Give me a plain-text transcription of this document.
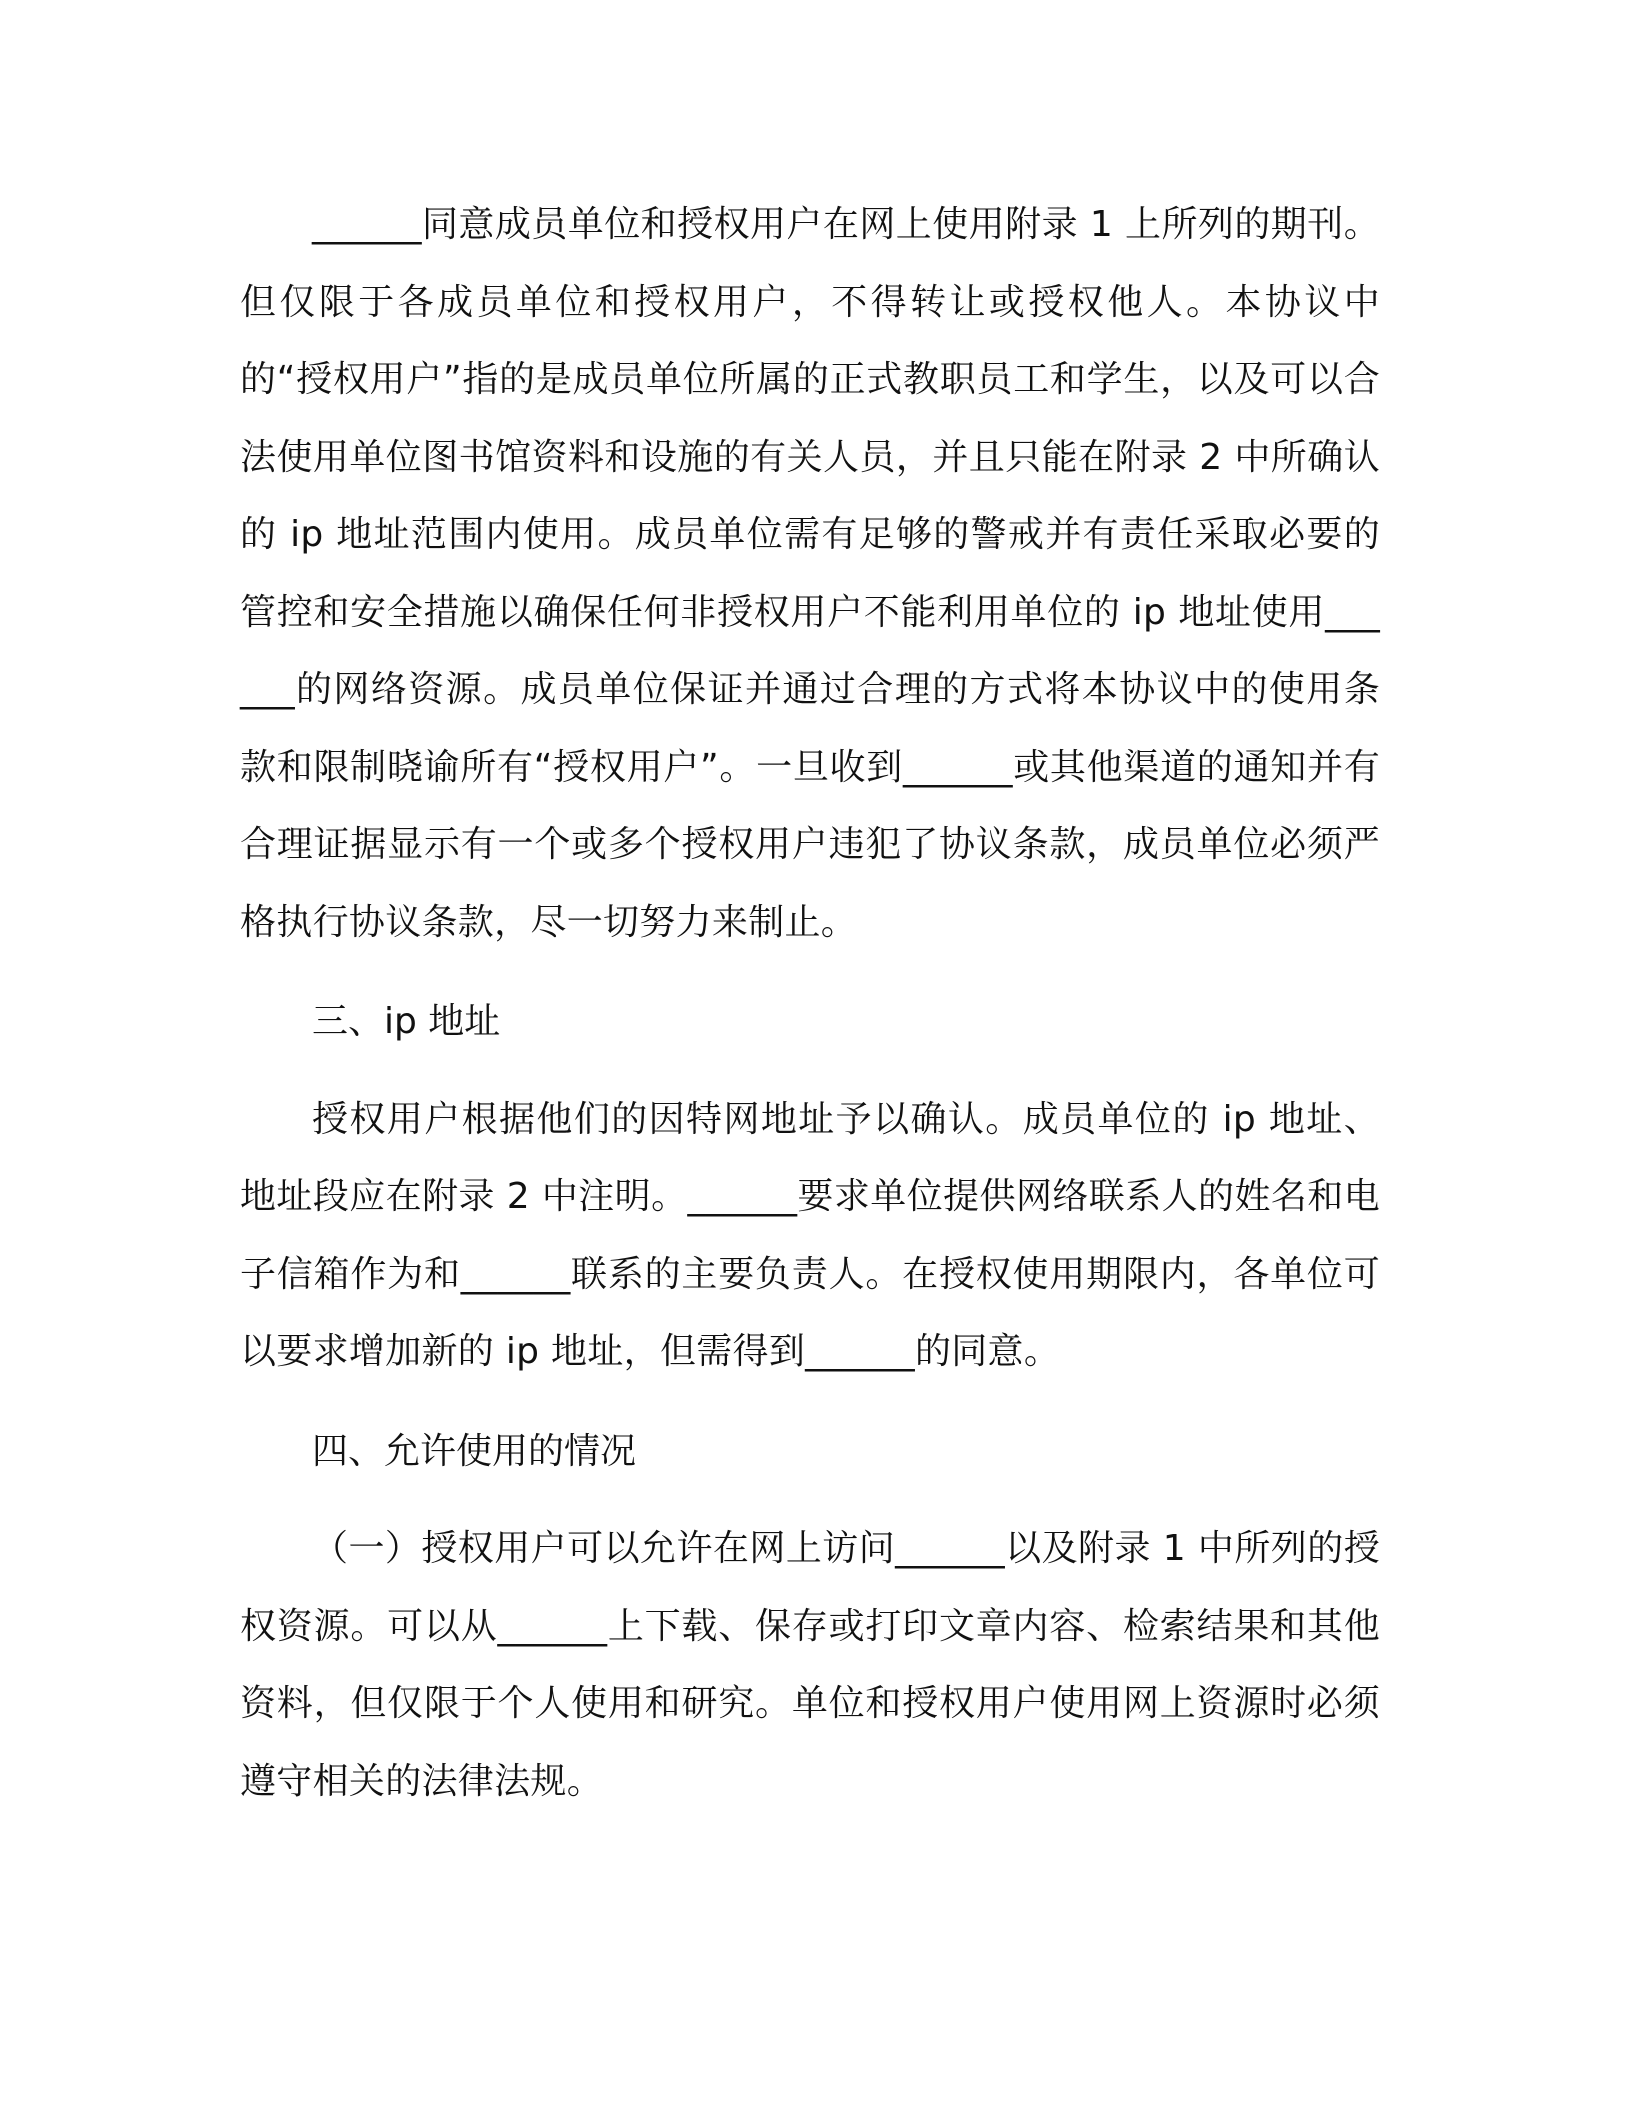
______同意成员单位和授权用户在网上使用附录 1 上所列的期刊。但仅限于各成员单位和授权用户，不得转让或授权他人。本协议中的“授权用户”指的是成员单位所属的正式教职员工和学生，以及可以合法使用单位图书馆资料和设施的有关人员，并且只能在附录 2 中所确认的 ip 地址范围内使用。成员单位需有足够的警戒并有责任采取必要的管控和安全措施以确保任何非授权用户不能利用单位的 ip 地址使用______的网络资源。成员单位保证并通过合理的方式将本协议中的使用条款和限制晓谕所有“授权用户”。一旦收到______或其他渠道的通知并有合理证据显示有一个或多个授权用户违犯了协议条款，成员单位必须严格执行协议条款，尽一切努力来制止。

三、ip 地址

授权用户根据他们的因特网地址予以确认。成员单位的 ip 地址、地址段应在附录 2 中注明。______要求单位提供网络联系人的姓名和电子信箱作为和______联系的主要负责人。在授权使用期限内，各单位可以要求增加新的 ip 地址，但需得到______的同意。

四、允许使用的情况

（一）授权用户可以允许在网上访问______以及附录 1 中所列的授权资源。可以从______上下载、保存或打印文章内容、检索结果和其他资料，但仅限于个人使用和研究。单位和授权用户使用网上资源时必须遵守相关的法律法规。
